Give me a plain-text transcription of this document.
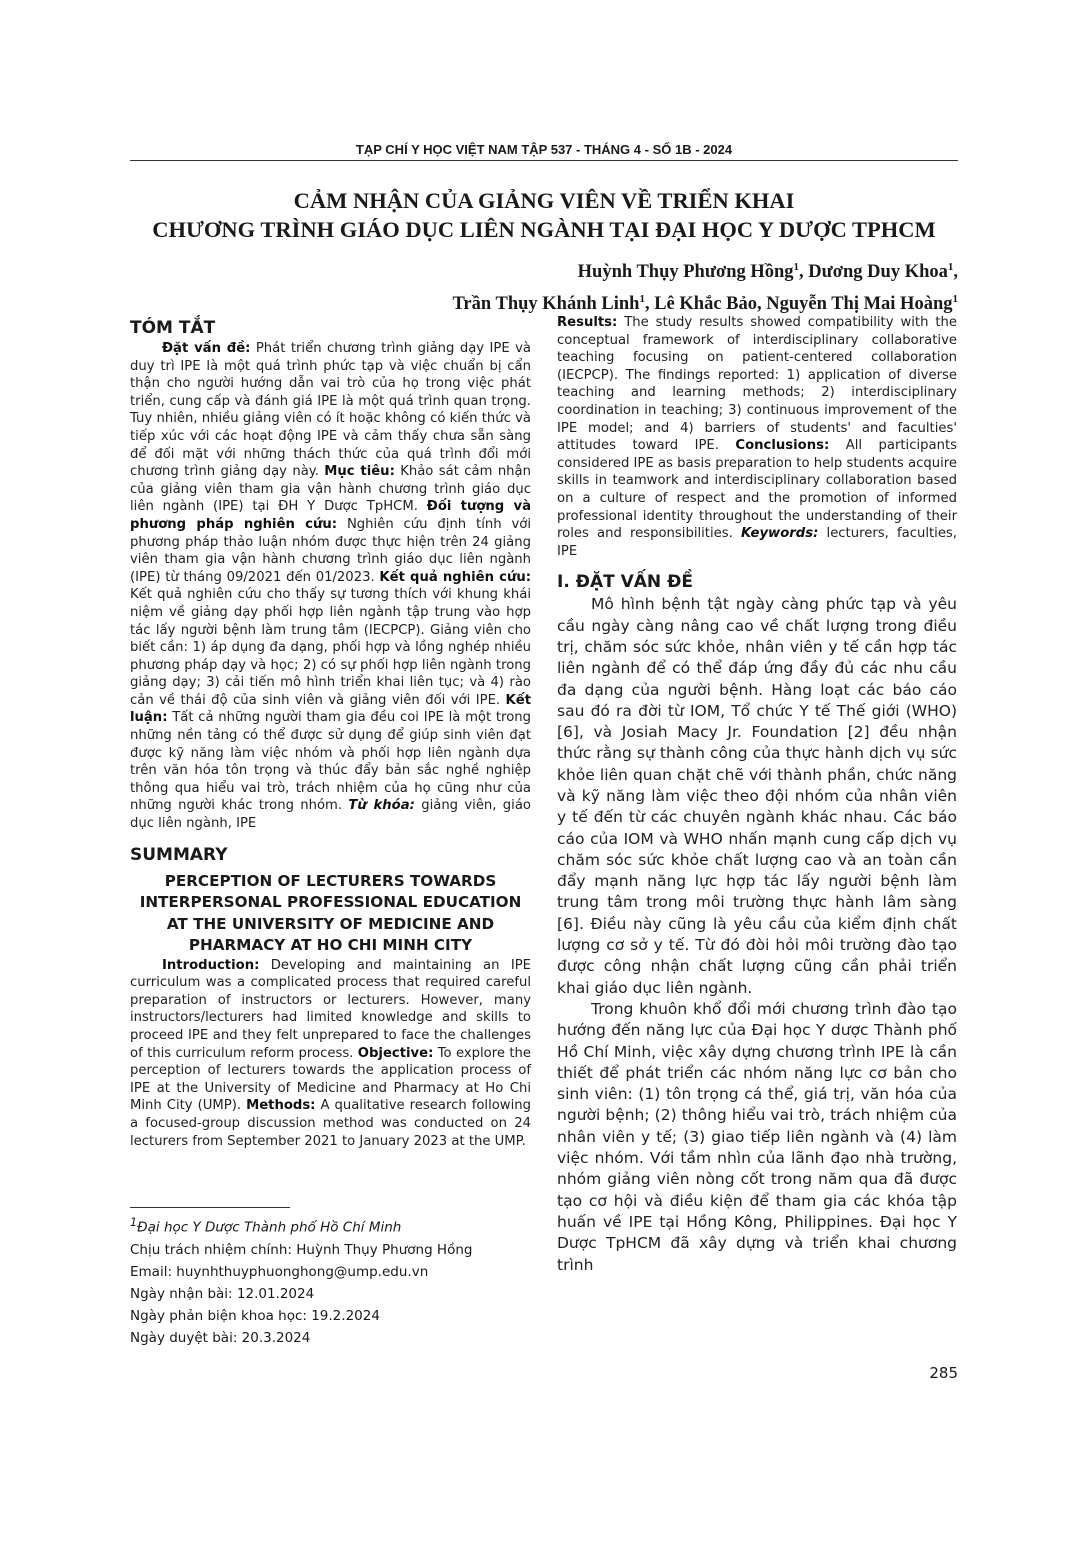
TẠP CHÍ Y HỌC VIỆT NAM TẬP 537 - THÁNG 4 - SỐ 1B - 2024
CẢM NHẬN CỦA GIẢNG VIÊN VỀ TRIỂN KHAI
CHƯƠNG TRÌNH GIÁO DỤC LIÊN NGÀNH TẠI ĐẠI HỌC Y DƯỢC TPHCM
Huỳnh Thụy Phương Hồng$^1$, Dương Duy Khoa$^1$,
Trần Thụy Khánh Linh$^1$, Lê Khắc Bảo, Nguyễn Thị Mai Hoàng$^1$
TÓM TẮT

Đặt vấn đề: Phát triển chương trình giảng dạy IPE và duy trì IPE là một quá trình phức tạp và việc chuẩn bị cẩn thận cho người hướng dẫn vai trò của họ trong việc phát triển, cung cấp và đánh giá IPE là một quá trình quan trọng. Tuy nhiên, nhiều giảng viên có ít hoặc không có kiến thức và tiếp xúc với các hoạt động IPE và cảm thấy chưa sẵn sàng để đối mặt với những thách thức của quá trình đổi mới chương trình giảng dạy này. Mục tiêu: Khảo sát cảm nhận của giảng viên tham gia vận hành chương trình giáo dục liên ngành (IPE) tại ĐH Y Dược TpHCM. Đối tượng và phương pháp nghiên cứu: Nghiên cứu định tính với phương pháp thảo luận nhóm được thực hiện trên 24 giảng viên tham gia vận hành chương trình giáo dục liên ngành (IPE) từ tháng 09/2021 đến 01/2023. Kết quả nghiên cứu: Kết quả nghiên cứu cho thấy sự tương thích với khung khái niệm về giảng dạy phối hợp liên ngành tập trung vào hợp tác lấy người bệnh làm trung tâm (IECPCP). Giảng viên cho biết cần: 1) áp dụng đa dạng, phối hợp và lồng nghép nhiều phương pháp dạy và học; 2) có sự phối hợp liên ngành trong giảng dạy; 3) cải tiến mô hình triển khai liên tục; và 4) rào cản về thái độ của sinh viên và giảng viên đối với IPE. Kết luận: Tất cả những người tham gia đều coi IPE là một trong những nền tảng có thể được sử dụng để giúp sinh viên đạt được kỹ năng làm việc nhóm và phối hợp liên ngành dựa trên văn hóa tôn trọng và thúc đẩy bản sắc nghề nghiệp thông qua hiểu vai trò, trách nhiệm của họ cũng như của những người khác trong nhóm. Từ khóa: giảng viên, giáo dục liên ngành, IPE

SUMMARY
PERCEPTION OF LECTURERS TOWARDS
INTERPERSONAL PROFESSIONAL EDUCATION
AT THE UNIVERSITY OF MEDICINE AND
PHARMACY AT HO CHI MINH CITY

Introduction: Developing and maintaining an IPE curriculum was a complicated process that required careful preparation of instructors or lecturers. However, many instructors/lecturers had limited knowledge and skills to proceed IPE and they felt unprepared to face the challenges of this curriculum reform process. Objective: To explore the perception of lecturers towards the application process of IPE at the University of Medicine and Pharmacy at Ho Chi Minh City (UMP). Methods: A qualitative research following a focused-group discussion method was conducted on 24 lecturers from September 2021 to January 2023 at the UMP.

$^1$Đại học Y Dược Thành phố Hồ Chí Minh
Chịu trách nhiệm chính: Huỳnh Thụy Phương Hồng
Email: huynhthuyphuonghong@ump.edu.vn
Ngày nhận bài: 12.01.2024
Ngày phản biện khoa học: 19.2.2024
Ngày duyệt bài: 20.3.2024

Results: The study results showed compatibility with the conceptual framework of interdisciplinary collaborative teaching focusing on patient-centered collaboration (IECPCP). The findings reported: 1) application of diverse teaching and learning methods; 2) interdisciplinary coordination in teaching; 3) continuous improvement of the IPE model; and 4) barriers of students' and faculties' attitudes toward IPE. Conclusions: All participants considered IPE as basis preparation to help students acquire skills in teamwork and interdisciplinary collaboration based on a culture of respect and the promotion of informed professional identity throughout the understanding of their roles and responsibilities. Keywords: lecturers, faculties, IPE

I. ĐẶT VẤN ĐỀ

Mô hình bệnh tật ngày càng phức tạp và yêu cầu ngày càng nâng cao về chất lượng trong điều trị, chăm sóc sức khỏe, nhân viên y tế cần hợp tác liên ngành để có thể đáp ứng đầy đủ các nhu cầu đa dạng của người bệnh. Hàng loạt các báo cáo sau đó ra đời từ IOM, Tổ chức Y tế Thế giới (WHO) [6], và Josiah Macy Jr. Foundation [2] đều nhận thức rằng sự thành công của thực hành dịch vụ sức khỏe liên quan chặt chẽ với thành phần, chức năng và kỹ năng làm việc theo đội nhóm của nhân viên y tế đến từ các chuyên ngành khác nhau. Các báo cáo của IOM và WHO nhấn mạnh cung cấp dịch vụ chăm sóc sức khỏe chất lượng cao và an toàn cần đẩy mạnh năng lực hợp tác lấy người bệnh làm trung tâm trong môi trường thực hành lâm sàng [6]. Điều này cũng là yêu cầu của kiểm định chất lượng cơ sở y tế. Từ đó đòi hỏi môi trường đào tạo được công nhận chất lượng cũng cần phải triển khai giáo dục liên ngành.

Trong khuôn khổ đổi mới chương trình đào tạo hướng đến năng lực của Đại học Y dược Thành phố Hồ Chí Minh, việc xây dựng chương trình IPE là cần thiết để phát triển các nhóm năng lực cơ bản cho sinh viên: (1) tôn trọng cá thể, giá trị, văn hóa của người bệnh; (2) thông hiểu vai trò, trách nhiệm của nhân viên y tế; (3) giao tiếp liên ngành và (4) làm việc nhóm. Với tầm nhìn của lãnh đạo nhà trường, nhóm giảng viên nòng cốt trong năm qua đã được tạo cơ hội và điều kiện để tham gia các khóa tập huấn về IPE tại Hồng Kông, Philippines. Đại học Y Dược TpHCM đã xây dựng và triển khai chương trình

285
